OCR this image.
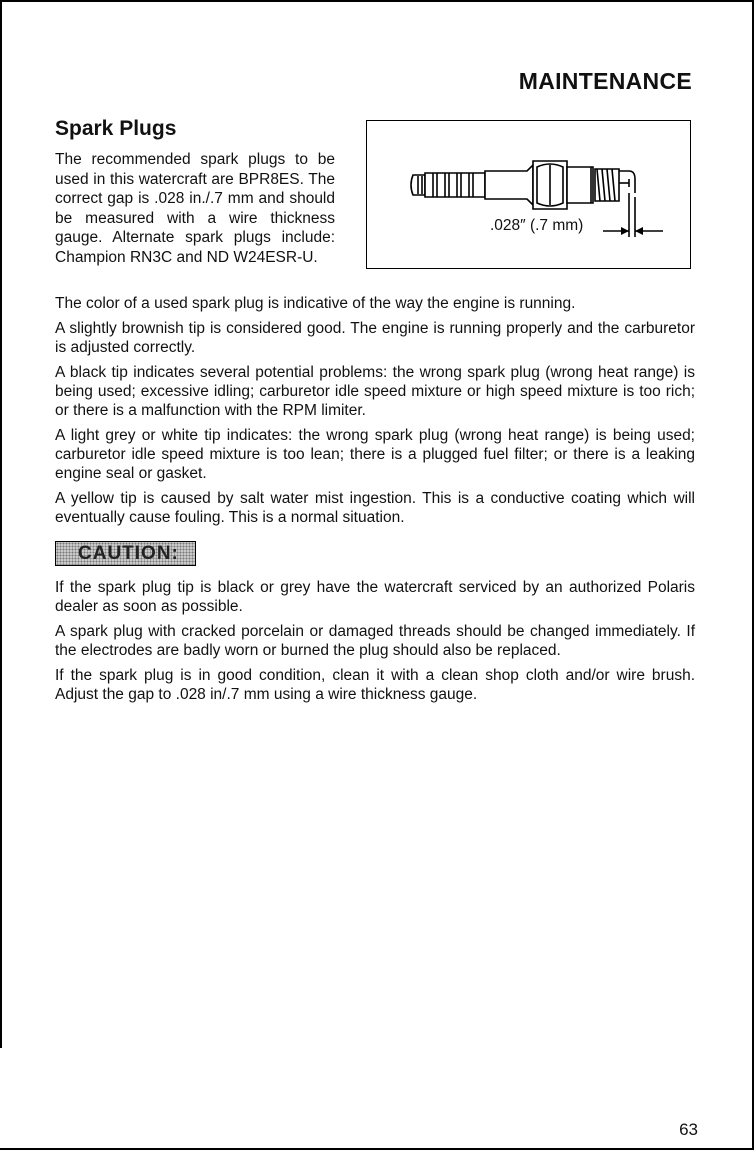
MAINTENANCE
Spark Plugs
The recommended spark plugs to be used in this watercraft are BPR8ES. The correct gap is .028 in./.7 mm and should be measured with a wire thickness gauge. Alternate spark plugs include: Champion RN3C and ND W24ESR-U.
.028″ (.7 mm)

The color of a used spark plug is indicative of the way the engine is running.

A slightly brownish tip is considered good. The engine is running properly and the carburetor is adjusted correctly.

A black tip indicates several potential problems: the wrong spark plug (wrong heat range) is being used; excessive idling; carburetor idle speed mixture or high speed mixture is too rich; or there is a malfunction with the RPM limiter.

A light grey or white tip indicates: the wrong spark plug (wrong heat range) is being used; carburetor idle speed mixture is too lean; there is a plugged fuel filter; or there is a leaking engine seal or gasket.

A yellow tip is caused by salt water mist ingestion. This is a conductive coating which will eventually cause fouling. This is a normal situation.

CAUTION:

If the spark plug tip is black or grey have the watercraft serviced by an authorized Polaris dealer as soon as possible.

A spark plug with cracked porcelain or damaged threads should be changed immediately. If the electrodes are badly worn or burned the plug should also be replaced.

If the spark plug is in good condition, clean it with a clean shop cloth and/or wire brush. Adjust the gap to .028 in/.7 mm using a wire thickness gauge.

63
